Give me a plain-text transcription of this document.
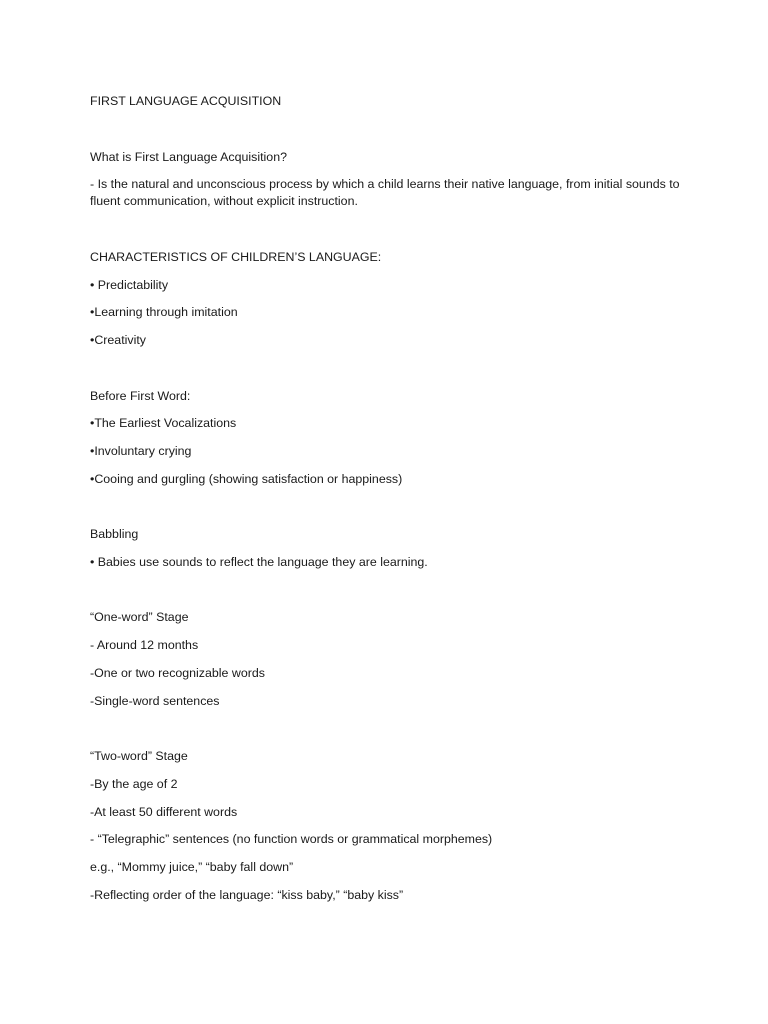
FIRST LANGUAGE ACQUISITION
What is First Language Acquisition?
- Is the natural and unconscious process by which a child learns their native language, from initial sounds to fluent communication, without explicit instruction.
CHARACTERISTICS OF CHILDREN’S LANGUAGE:
• Predictability
•Learning through imitation
•Creativity
Before First Word:
•The Earliest Vocalizations
•Involuntary crying
•Cooing and gurgling (showing satisfaction or happiness)
Babbling
• Babies use sounds to reflect the language they are learning.
“One-word” Stage
- Around 12 months
-One or two recognizable words
-Single-word sentences
“Two-word” Stage
-By the age of 2
-At least 50 different words
- “Telegraphic” sentences (no function words or grammatical morphemes)
e.g., “Mommy juice,” “baby fall down”
-Reflecting order of the language: “kiss baby,” “baby kiss”
